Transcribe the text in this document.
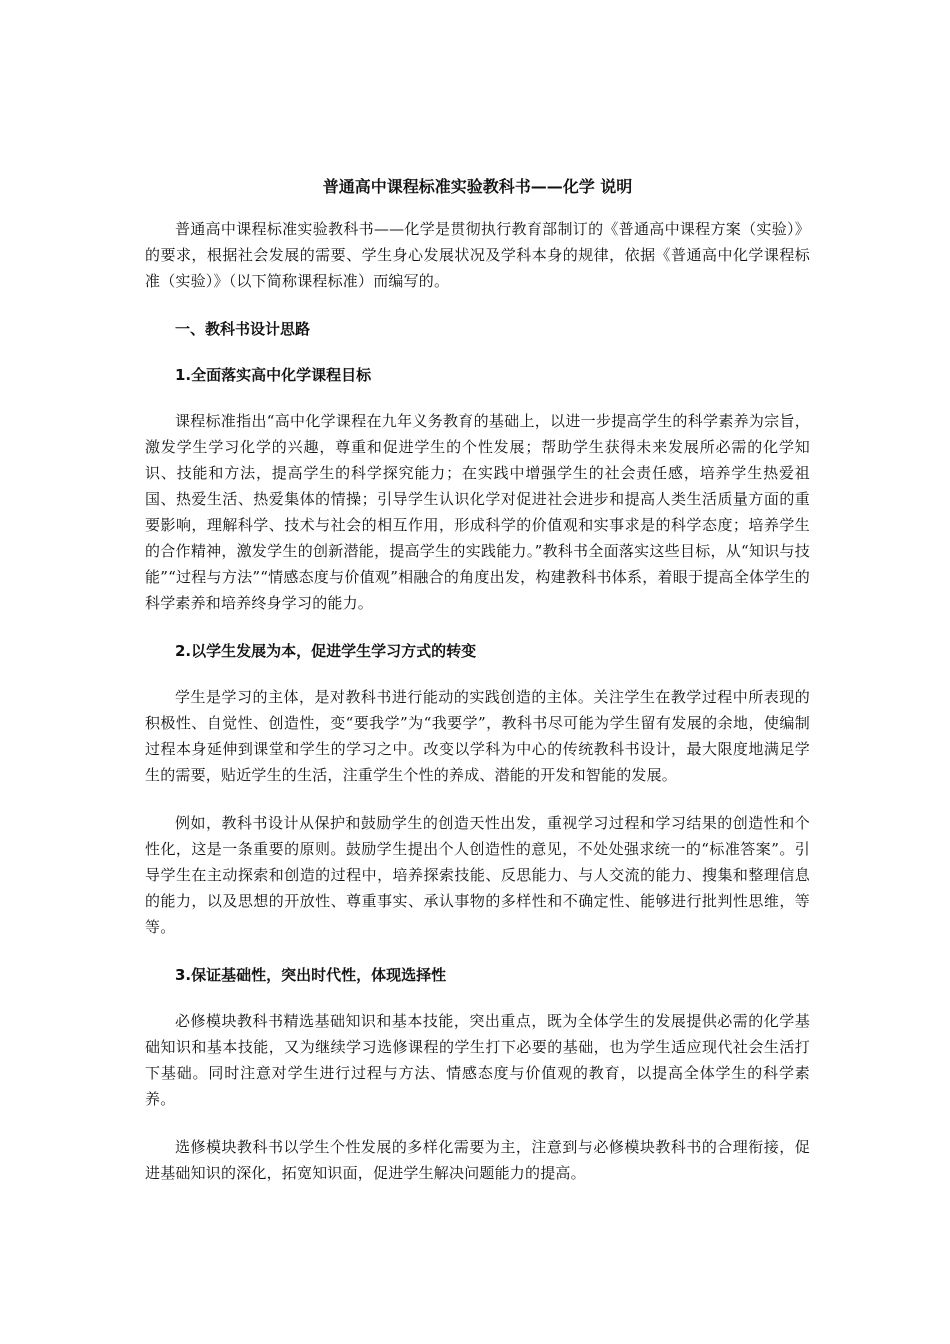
普通高中课程标准实验教科书——化学 说明

普通高中课程标准实验教科书——化学是贯彻执行教育部制订的《普通高中课程方案（实验）》的要求，根据社会发展的需要、学生身心发展状况及学科本身的规律，依据《普通高中化学课程标准（实验）》（以下简称课程标准）而编写的。

一、教科书设计思路

1.全面落实高中化学课程目标

课程标准指出“高中化学课程在九年义务教育的基础上，以进一步提高学生的科学素养为宗旨，激发学生学习化学的兴趣，尊重和促进学生的个性发展；帮助学生获得未来发展所必需的化学知识、技能和方法，提高学生的科学探究能力；在实践中增强学生的社会责任感，培养学生热爱祖国、热爱生活、热爱集体的情操；引导学生认识化学对促进社会进步和提高人类生活质量方面的重要影响，理解科学、技术与社会的相互作用，形成科学的价值观和实事求是的科学态度；培养学生的合作精神，激发学生的创新潜能，提高学生的实践能力。”教科书全面落实这些目标，从“知识与技能”“过程与方法”“情感态度与价值观”相融合的角度出发，构建教科书体系，着眼于提高全体学生的科学素养和培养终身学习的能力。

2.以学生发展为本，促进学生学习方式的转变

学生是学习的主体，是对教科书进行能动的实践创造的主体。关注学生在教学过程中所表现的积极性、自觉性、创造性，变“要我学”为“我要学”，教科书尽可能为学生留有发展的余地，使编制过程本身延伸到课堂和学生的学习之中。改变以学科为中心的传统教科书设计，最大限度地满足学生的需要，贴近学生的生活，注重学生个性的养成、潜能的开发和智能的发展。

例如，教科书设计从保护和鼓励学生的创造天性出发，重视学习过程和学习结果的创造性和个性化，这是一条重要的原则。鼓励学生提出个人创造性的意见，不处处强求统一的“标准答案”。引导学生在主动探索和创造的过程中，培养探索技能、反思能力、与人交流的能力、搜集和整理信息的能力，以及思想的开放性、尊重事实、承认事物的多样性和不确定性、能够进行批判性思维，等等。

3.保证基础性，突出时代性，体现选择性

必修模块教科书精选基础知识和基本技能，突出重点，既为全体学生的发展提供必需的化学基础知识和基本技能，又为继续学习选修课程的学生打下必要的基础，也为学生适应现代社会生活打下基础。同时注意对学生进行过程与方法、情感态度与价值观的教育，以提高全体学生的科学素养。

选修模块教科书以学生个性发展的多样化需要为主，注意到与必修模块教科书的合理衔接，促进基础知识的深化，拓宽知识面，促进学生解决问题能力的提高。
